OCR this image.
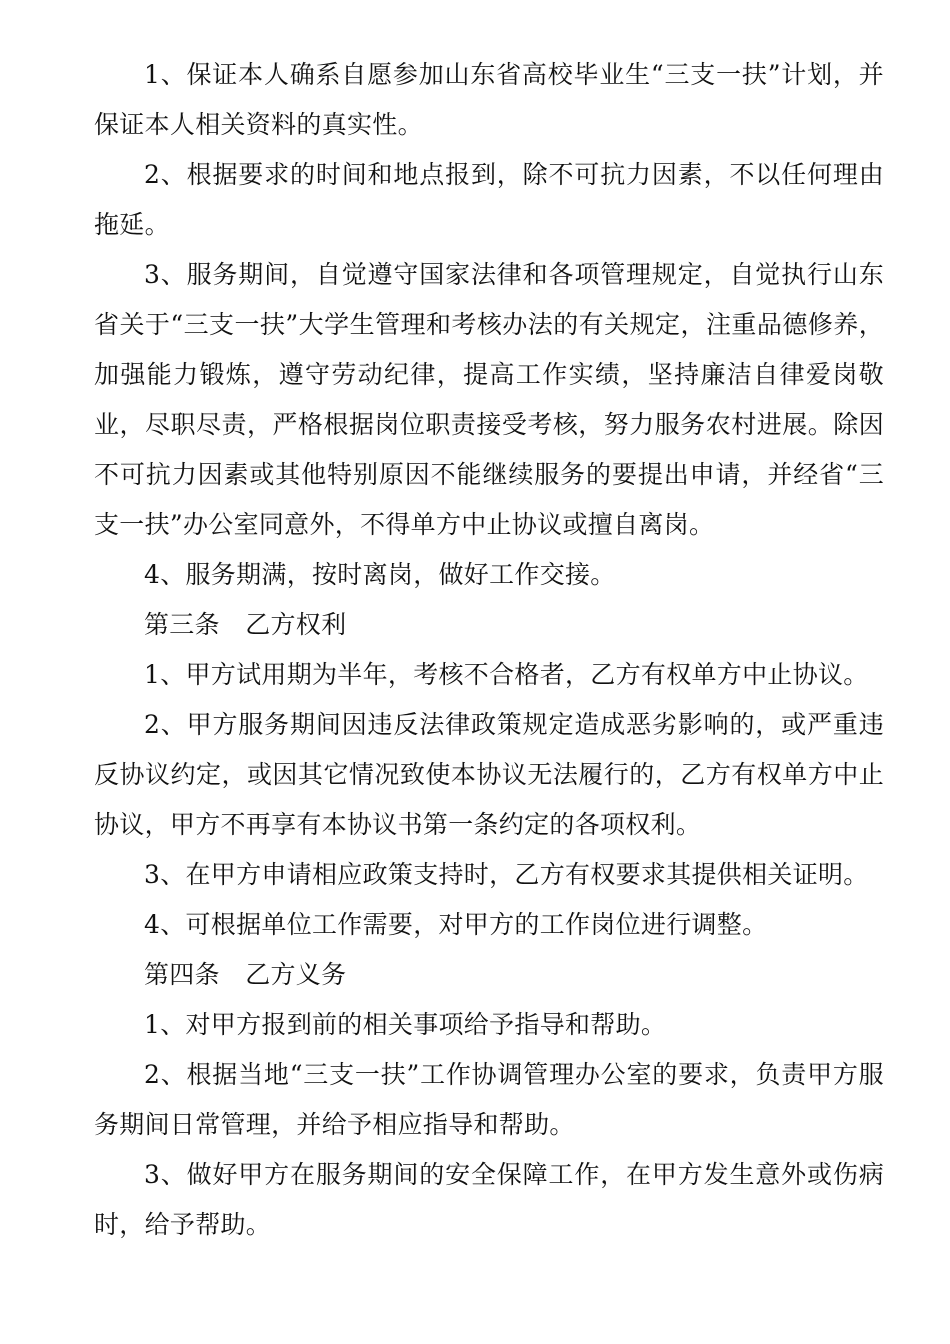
1、保证本人确系自愿参加山东省高校毕业生“三支一扶”计划，并保证本人相关资料的真实性。

2、根据要求的时间和地点报到，除不可抗力因素，不以任何理由拖延。

3、服务期间，自觉遵守国家法律和各项管理规定，自觉执行山东省关于“三支一扶”大学生管理和考核办法的有关规定，注重品德修养，加强能力锻炼，遵守劳动纪律，提高工作实绩，坚持廉洁自律爱岗敬业，尽职尽责，严格根据岗位职责接受考核，努力服务农村进展。除因不可抗力因素或其他特别原因不能继续服务的要提出申请，并经省“三支一扶”办公室同意外，不得单方中止协议或擅自离岗。

4、服务期满，按时离岗，做好工作交接。

第三条　乙方权利

1、甲方试用期为半年，考核不合格者，乙方有权单方中止协议。

2、甲方服务期间因违反法律政策规定造成恶劣影响的，或严重违反协议约定，或因其它情况致使本协议无法履行的，乙方有权单方中止协议，甲方不再享有本协议书第一条约定的各项权利。

3、在甲方申请相应政策支持时，乙方有权要求其提供相关证明。

4、可根据单位工作需要，对甲方的工作岗位进行调整。

第四条　乙方义务

1、对甲方报到前的相关事项给予指导和帮助。

2、根据当地“三支一扶”工作协调管理办公室的要求，负责甲方服务期间日常管理，并给予相应指导和帮助。

3、做好甲方在服务期间的安全保障工作，在甲方发生意外或伤病时，给予帮助。
